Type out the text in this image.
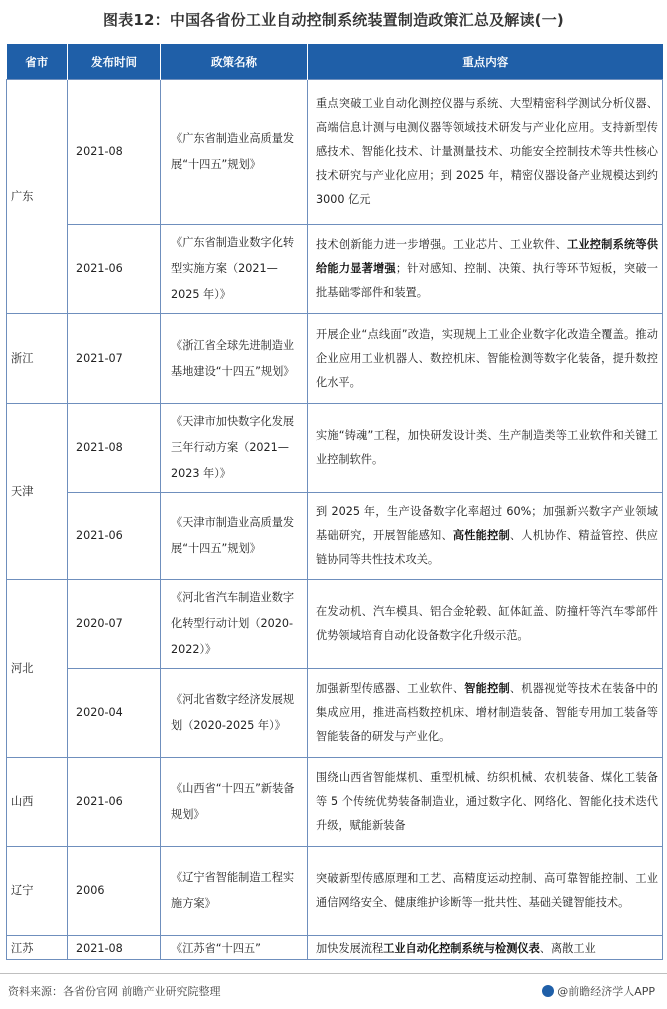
图表12：中国各省份工业自动控制系统装置制造政策汇总及解读(一)
省市	发布时间	政策名称	重点内容
广东	2021-08	《广东省制造业高质量发展“十四五”规划》	重点突破工业自动化测控仪器与系统、大型精密科学测试分析仪器、高端信息计测与电测仪器等领域技术研发与产业化应用。支持新型传感技术、智能化技术、计量测量技术、功能安全控制技术等共性核心技术研究与产业化应用；到 2025 年，精密仪器设备产业规模达到约 3000 亿元
	2021-06	《广东省制造业数字化转型实施方案（2021—2025 年）》	技术创新能力进一步增强。工业芯片、工业软件、工业控制系统等供给能力显著增强；针对感知、控制、决策、执行等环节短板，突破一批基础零部件和装置。
浙江	2021-07	《浙江省全球先进制造业基地建设“十四五”规划》	开展企业“点线面”改造，实现规上工业企业数字化改造全覆盖。推动企业应用工业机器人、数控机床、智能检测等数字化装备，提升数控化水平。
天津	2021-08	《天津市加快数字化发展三年行动方案（2021—2023 年）》	实施“铸魂”工程，加快研发设计类、生产制造类等工业软件和关键工业控制软件。
	2021-06	《天津市制造业高质量发展“十四五”规划》	到 2025 年，生产设备数字化率超过 60%；加强新兴数字产业领域基础研究，开展智能感知、高性能控制、人机协作、精益管控、供应链协同等共性技术攻关。
河北	2020-07	《河北省汽车制造业数字化转型行动计划（2020-2022）》	在发动机、汽车模具、铝合金轮毂、缸体缸盖、防撞杆等汽车零部件优势领域培育自动化设备数字化升级示范。
	2020-04	《河北省数字经济发展规划（2020-2025 年）》	加强新型传感器、工业软件、智能控制、机器视觉等技术在装备中的集成应用，推进高档数控机床、增材制造装备、智能专用加工装备等智能装备的研发与产业化。
山西	2021-06	《山西省“十四五”新装备规划》	围绕山西省智能煤机、重型机械、纺织机械、农机装备、煤化工装备等 5 个传统优势装备制造业，通过数字化、网络化、智能化技术迭代升级，赋能新装备
辽宁	2006	《辽宁省智能制造工程实施方案》	突破新型传感原理和工艺、高精度运动控制、高可靠智能控制、工业通信网络安全、健康维护诊断等一批共性、基础关键智能技术。

江苏	2021-08	《江苏省“十四五”	加快发展流程工业自动化控制系统与检测仪表、离散工业
资料来源：各省份官网 前瞻产业研究院整理	@前瞻经济学人APP
